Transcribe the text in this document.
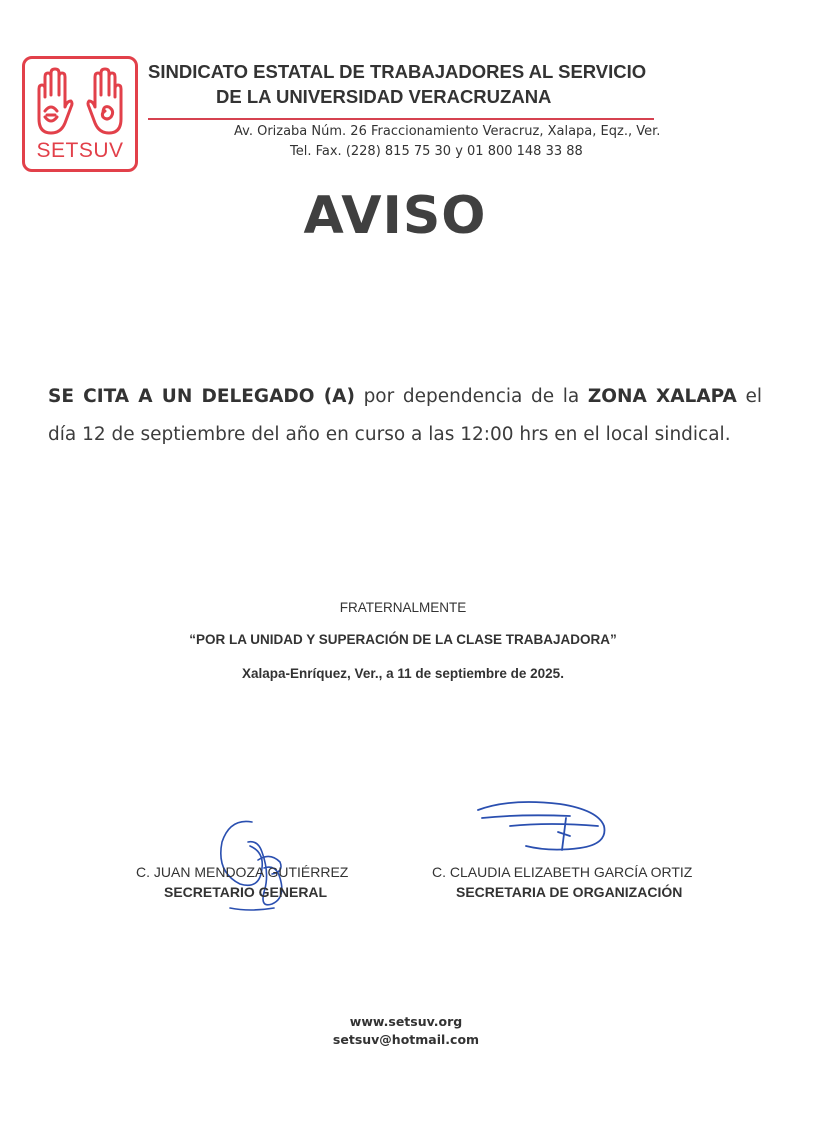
SETSUV
SINDICATO ESTATAL DE TRABAJADORES AL SERVICIO
DE LA UNIVERSIDAD VERACRUZANA
Av. Orizaba Núm. 26 Fraccionamiento Veracruz, Xalapa, Eqz., Ver.
Tel. Fax. (228) 815 75 30 y 01 800 148 33 88
AVISO
SE CITA A UN DELEGADO (A) por dependencia de la ZONA XALAPA el día 12 de septiembre del año en curso a las 12:00 hrs en el local sindical.
FRATERNALMENTE
“POR LA UNIDAD Y SUPERACIÓN DE LA CLASE TRABAJADORA”
Xalapa-Enríquez, Ver., a 11 de septiembre de 2025.
C. JUAN MENDOZA GUTIÉRREZ
SECRETARIO GENERAL
C. CLAUDIA ELIZABETH GARCÍA ORTIZ
SECRETARIA DE ORGANIZACIÓN
www.setsuv.org
setsuv@hotmail.com
